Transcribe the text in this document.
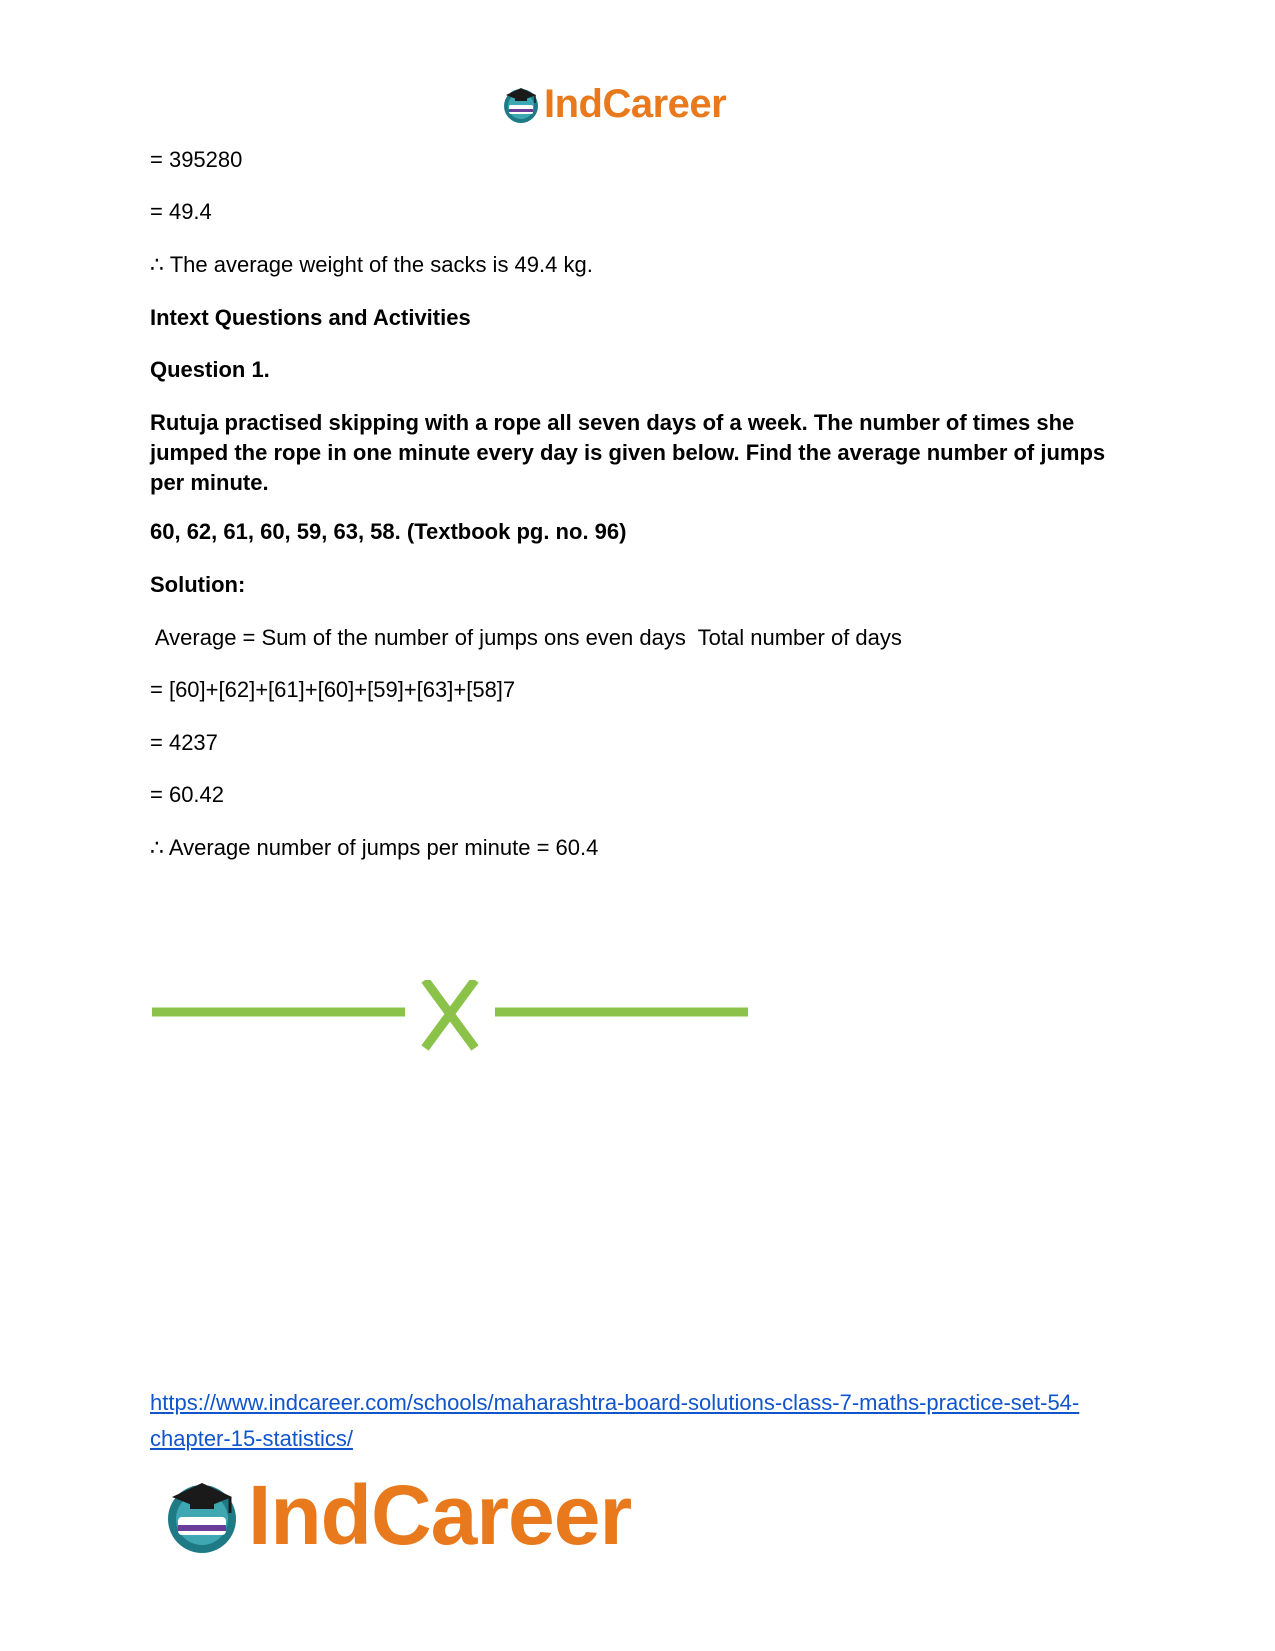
IndCareer
= 395280
= 49.4
∴ The average weight of the sacks is 49.4 kg.
Intext Questions and Activities
Question 1.
Rutuja practised skipping with a rope all seven days of a week. The number of times she jumped the rope in one minute every day is given below. Find the average number of jumps per minute.
60, 62, 61, 60, 59, 63, 58. (Textbook pg. no. 96)
Solution:
Average = Sum of the number of jumps ons even days  Total number of days
= [60]+[62]+[61]+[60]+[59]+[63]+[58]7
= 4237
= 60.42
∴ Average number of jumps per minute = 60.4
https://www.indcareer.com/schools/maharashtra-board-solutions-class-7-maths-practice-set-54-chapter-15-statistics/
IndCareer
